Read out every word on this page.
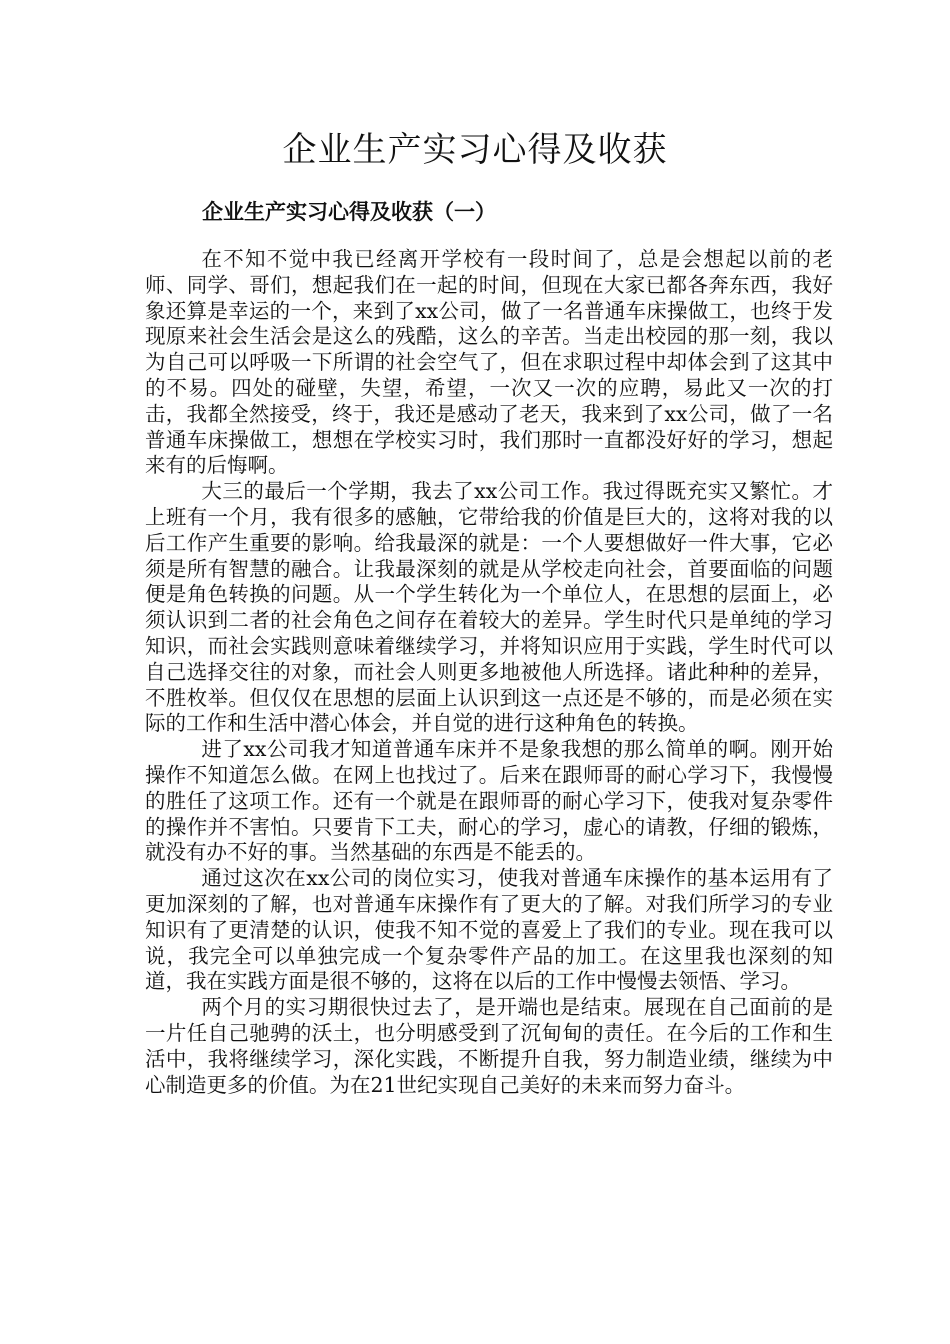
企业生产实习心得及收获
企业生产实习心得及收获（一）

在不知不觉中我已经离开学校有一段时间了，总是会想起以前的老师、同学、哥们，想起我们在一起的时间，但现在大家已都各奔东西，我好象还算是幸运的一个，来到了xx公司，做了一名普通车床操做工，也终于发现原来社会生活会是这么的残酷，这么的辛苦。当走出校园的那一刻，我以为自己可以呼吸一下所谓的社会空气了，但在求职过程中却体会到了这其中的不易。四处的碰壁，失望，希望，一次又一次的应聘，易此又一次的打击，我都全然接受，终于，我还是感动了老天，我来到了xx公司，做了一名普通车床操做工，想想在学校实习时，我们那时一直都没好好的学习，想起来有的后悔啊。

大三的最后一个学期，我去了xx公司工作。我过得既充实又繁忙。才上班有一个月，我有很多的感触，它带给我的价值是巨大的，这将对我的以后工作产生重要的影响。给我最深的就是：一个人要想做好一件大事，它必须是所有智慧的融合。让我最深刻的就是从学校走向社会，首要面临的问题便是角色转换的问题。从一个学生转化为一个单位人，在思想的层面上，必须认识到二者的社会角色之间存在着较大的差异。学生时代只是单纯的学习知识，而社会实践则意味着继续学习，并将知识应用于实践，学生时代可以自己选择交往的对象，而社会人则更多地被他人所选择。诸此种种的差异，不胜枚举。但仅仅在思想的层面上认识到这一点还是不够的，而是必须在实际的工作和生活中潜心体会，并自觉的进行这种角色的转换。

进了xx公司我才知道普通车床并不是象我想的那么简单的啊。刚开始操作不知道怎么做。在网上也找过了。后来在跟师哥的耐心学习下，我慢慢的胜任了这项工作。还有一个就是在跟师哥的耐心学习下，使我对复杂零件的操作并不害怕。只要肯下工夫，耐心的学习，虚心的请教，仔细的锻炼，就没有办不好的事。当然基础的东西是不能丢的。

通过这次在xx公司的岗位实习，使我对普通车床操作的基本运用有了更加深刻的了解，也对普通车床操作有了更大的了解。对我们所学习的专业知识有了更清楚的认识，使我不知不觉的喜爱上了我们的专业。现在我可以说，我完全可以单独完成一个复杂零件产品的加工。在这里我也深刻的知道，我在实践方面是很不够的，这将在以后的工作中慢慢去领悟、学习。

两个月的实习期很快过去了，是开端也是结束。展现在自己面前的是一片任自己驰骋的沃土，也分明感受到了沉甸甸的责任。在今后的工作和生活中，我将继续学习，深化实践，不断提升自我，努力制造业绩，继续为中心制造更多的价值。为在21世纪实现自己美好的未来而努力奋斗。
